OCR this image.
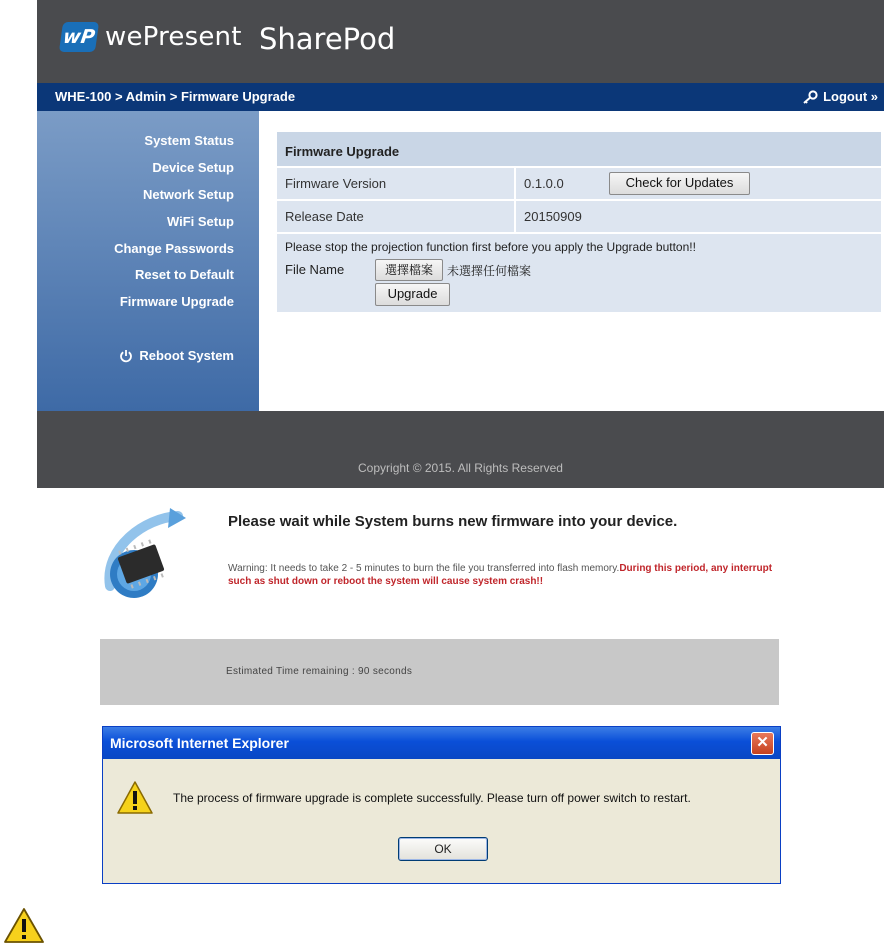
wP wePresent SharePod
WHE-100 > Admin > Firmware Upgrade	Logout »
System Status
Device Setup
Network Setup
WiFi Setup
Change Passwords
Reset to Default
Firmware Upgrade
Reboot System
Firmware Upgrade
Firmware Version	0.1.0.0	Check for Updates
Release Date	20150909
Please stop the projection function first before you apply the Upgrade button!!
File Name	選擇檔案	未選擇任何檔案
Upgrade
Copyright © 2015. All Rights Reserved
Please wait while System burns new firmware into your device.
Warning: It needs to take 2 - 5 minutes to burn the file you transferred into flash memory.During this period, any interrupt such as shut down or reboot the system will cause system crash!!
Estimated Time remaining : 90 seconds
Microsoft Internet Explorer	✕
The process of firmware upgrade is complete successfully. Please turn off power switch to restart.
OK
